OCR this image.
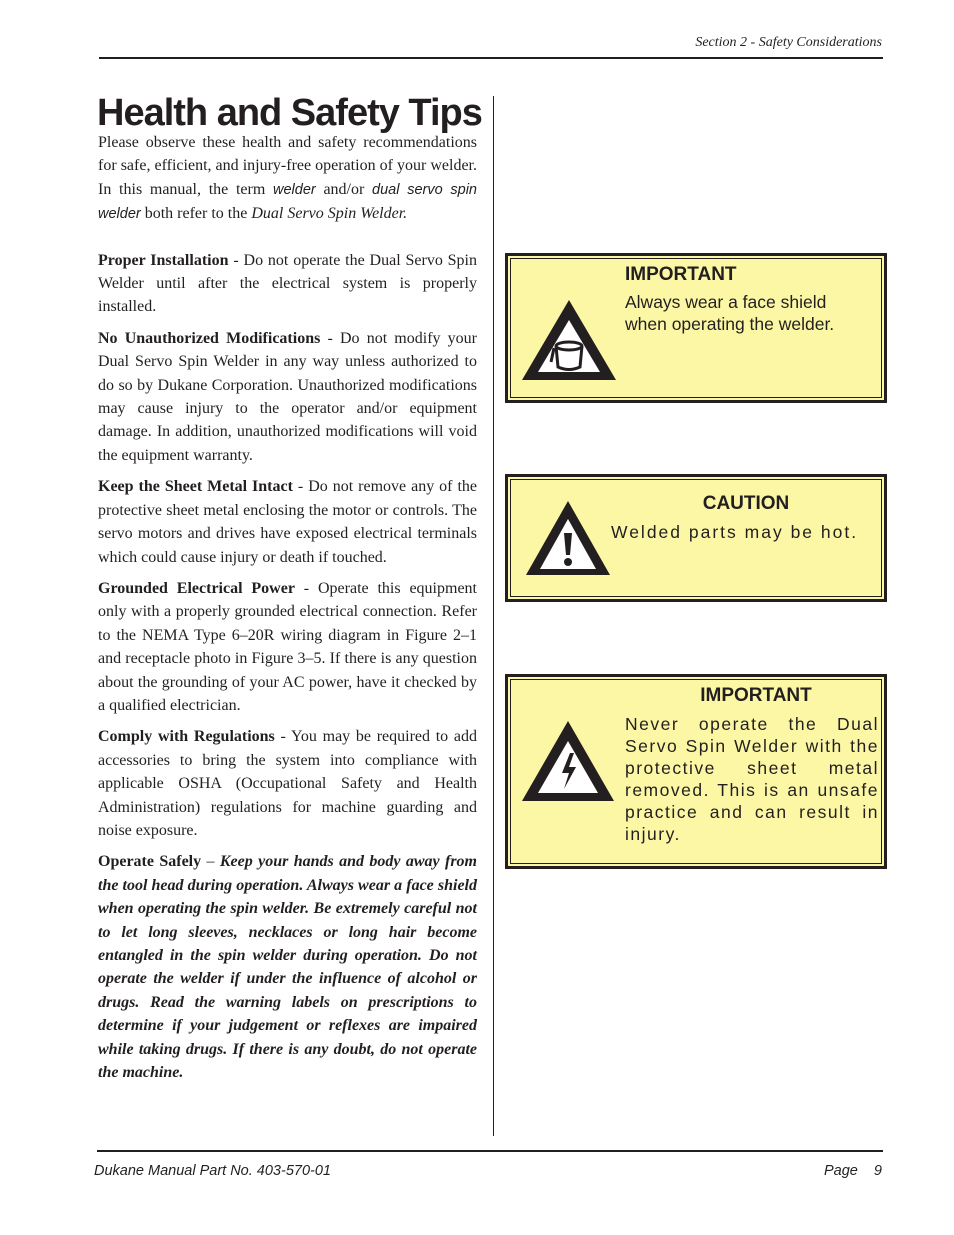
Section 2 - Safety Considerations
Health and Safety Tips

Please observe these health and safety recommendations for safe, efficient, and injury-free operation of your welder. In this manual, the term welder and/or dual servo spin welder both refer to the Dual Servo Spin Welder.

Proper Installation - Do not operate the Dual Servo Spin Welder until after the electrical system is properly installed.

No Unauthorized Modifications - Do not modify your Dual Servo Spin Welder in any way unless authorized to do so by Dukane Corporation. Unauthorized modifications may cause injury to the operator and/or equipment damage. In addition, unauthorized modifications will void the equipment warranty.

Keep the Sheet Metal Intact - Do not remove any of the protective sheet metal enclosing the motor or controls. The servo motors and drives have exposed electrical terminals which could cause injury or death if touched.

Grounded Electrical Power - Operate this equipment only with a properly grounded electrical connection. Refer to the NEMA Type 6–20R wiring diagram in Figure 2–1 and receptacle photo in Figure 3–5. If there is any question about the grounding of your AC power, have it checked by a qualified electrician.

Comply with Regulations - You may be required to add accessories to bring the system into compliance with applicable OSHA (Occupational Safety and Health Administration) regulations for machine guarding and noise exposure.

Operate Safely – Keep your hands and body away from the tool head during operation. Always wear a face shield when operating the spin welder. Be extremely careful not to let long sleeves, necklaces or long hair become entangled in the spin welder during operation. Do not operate the welder if under the influence of alcohol or drugs. Read the warning labels on prescriptions to determine if your judgement or reflexes are impaired while taking drugs. If there is any doubt, do not operate the machine.

IMPORTANT
Always wear a face shield when operating the welder.
CAUTION
Welded parts may be hot.
IMPORTANT
Never operate the Dual Servo Spin Welder with the protective sheet metal removed. This is an unsafe practice and can result in injury.
Dukane Manual Part No. 403-570-01	Page    9
